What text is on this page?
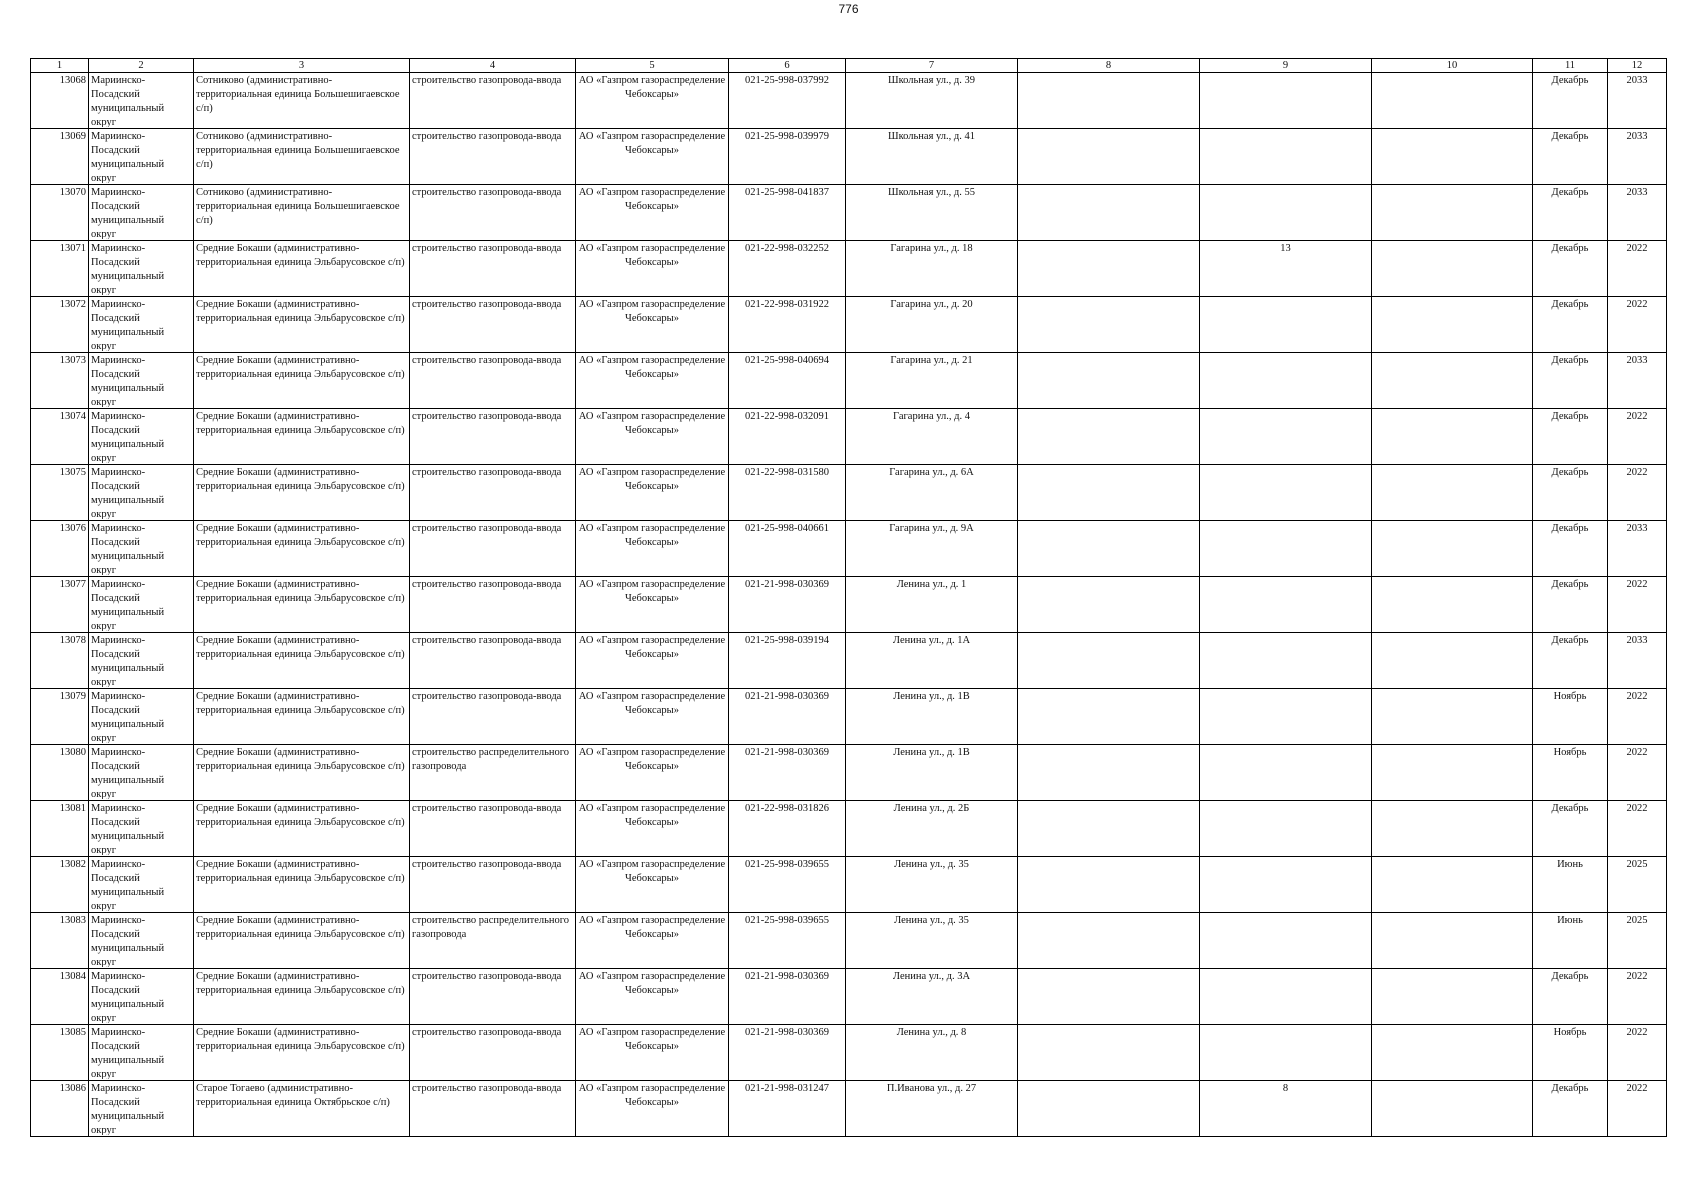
776
1	2	3	4	5	6	7	8	9	10	11	12

13068	Мариинско-Посадский муниципальный округ	Сотниково (административно-территориальная единица Большешигаевское с/п)	строительство газопровода-ввода	АО «Газпром газораспределение Чебоксары»	021-25-998-037992	Школьная ул., д. 39				Декабрь	2033

13069	Мариинско-Посадский муниципальный округ	Сотниково (административно-территориальная единица Большешигаевское с/п)	строительство газопровода-ввода	АО «Газпром газораспределение Чебоксары»	021-25-998-039979	Школьная ул., д. 41				Декабрь	2033

13070	Мариинско-Посадский муниципальный округ	Сотниково (административно-территориальная единица Большешигаевское с/п)	строительство газопровода-ввода	АО «Газпром газораспределение Чебоксары»	021-25-998-041837	Школьная ул., д. 55				Декабрь	2033

13071	Мариинско-Посадский муниципальный округ	Средние Бокаши (административно-территориальная единица Эльбарусовское с/п)	строительство газопровода-ввода	АО «Газпром газораспределение Чебоксары»	021-22-998-032252	Гагарина ул., д. 18		13		Декабрь	2022

13072	Мариинско-Посадский муниципальный округ	Средние Бокаши (административно-территориальная единица Эльбарусовское с/п)	строительство газопровода-ввода	АО «Газпром газораспределение Чебоксары»	021-22-998-031922	Гагарина ул., д. 20				Декабрь	2022

13073	Мариинско-Посадский муниципальный округ	Средние Бокаши (административно-территориальная единица Эльбарусовское с/п)	строительство газопровода-ввода	АО «Газпром газораспределение Чебоксары»	021-25-998-040694	Гагарина ул., д. 21				Декабрь	2033

13074	Мариинско-Посадский муниципальный округ	Средние Бокаши (административно-территориальная единица Эльбарусовское с/п)	строительство газопровода-ввода	АО «Газпром газораспределение Чебоксары»	021-22-998-032091	Гагарина ул., д. 4				Декабрь	2022

13075	Мариинско-Посадский муниципальный округ	Средние Бокаши (административно-территориальная единица Эльбарусовское с/п)	строительство газопровода-ввода	АО «Газпром газораспределение Чебоксары»	021-22-998-031580	Гагарина ул., д. 6А				Декабрь	2022

13076	Мариинско-Посадский муниципальный округ	Средние Бокаши (административно-территориальная единица Эльбарусовское с/п)	строительство газопровода-ввода	АО «Газпром газораспределение Чебоксары»	021-25-998-040661	Гагарина ул., д. 9А				Декабрь	2033

13077	Мариинско-Посадский муниципальный округ	Средние Бокаши (административно-территориальная единица Эльбарусовское с/п)	строительство газопровода-ввода	АО «Газпром газораспределение Чебоксары»	021-21-998-030369	Ленина ул., д. 1				Декабрь	2022

13078	Мариинско-Посадский муниципальный округ	Средние Бокаши (административно-территориальная единица Эльбарусовское с/п)	строительство газопровода-ввода	АО «Газпром газораспределение Чебоксары»	021-25-998-039194	Ленина ул., д. 1А				Декабрь	2033

13079	Мариинско-Посадский муниципальный округ	Средние Бокаши (административно-территориальная единица Эльбарусовское с/п)	строительство газопровода-ввода	АО «Газпром газораспределение Чебоксары»	021-21-998-030369	Ленина ул., д. 1В				Ноябрь	2022

13080	Мариинско-Посадский муниципальный округ	Средние Бокаши (административно-территориальная единица Эльбарусовское с/п)	строительство распределительного газопровода	АО «Газпром газораспределение Чебоксары»	021-21-998-030369	Ленина ул., д. 1В				Ноябрь	2022

13081	Мариинско-Посадский муниципальный округ	Средние Бокаши (административно-территориальная единица Эльбарусовское с/п)	строительство газопровода-ввода	АО «Газпром газораспределение Чебоксары»	021-22-998-031826	Ленина ул., д. 2Б				Декабрь	2022

13082	Мариинско-Посадский муниципальный округ	Средние Бокаши (административно-территориальная единица Эльбарусовское с/п)	строительство газопровода-ввода	АО «Газпром газораспределение Чебоксары»	021-25-998-039655	Ленина ул., д. 35				Июнь	2025

13083	Мариинско-Посадский муниципальный округ	Средние Бокаши (административно-территориальная единица Эльбарусовское с/п)	строительство распределительного газопровода	АО «Газпром газораспределение Чебоксары»	021-25-998-039655	Ленина ул., д. 35				Июнь	2025

13084	Мариинско-Посадский муниципальный округ	Средние Бокаши (административно-территориальная единица Эльбарусовское с/п)	строительство газопровода-ввода	АО «Газпром газораспределение Чебоксары»	021-21-998-030369	Ленина ул., д. 3А				Декабрь	2022

13085	Мариинско-Посадский муниципальный округ	Средние Бокаши (административно-территориальная единица Эльбарусовское с/п)	строительство газопровода-ввода	АО «Газпром газораспределение Чебоксары»	021-21-998-030369	Ленина ул., д. 8				Ноябрь	2022

13086	Мариинско-Посадский муниципальный округ	Старое Тогаево (административно-территориальная единица Октябрьское с/п)	строительство газопровода-ввода	АО «Газпром газораспределение Чебоксары»	021-21-998-031247	П.Иванова ул., д. 27		8		Декабрь	2022
